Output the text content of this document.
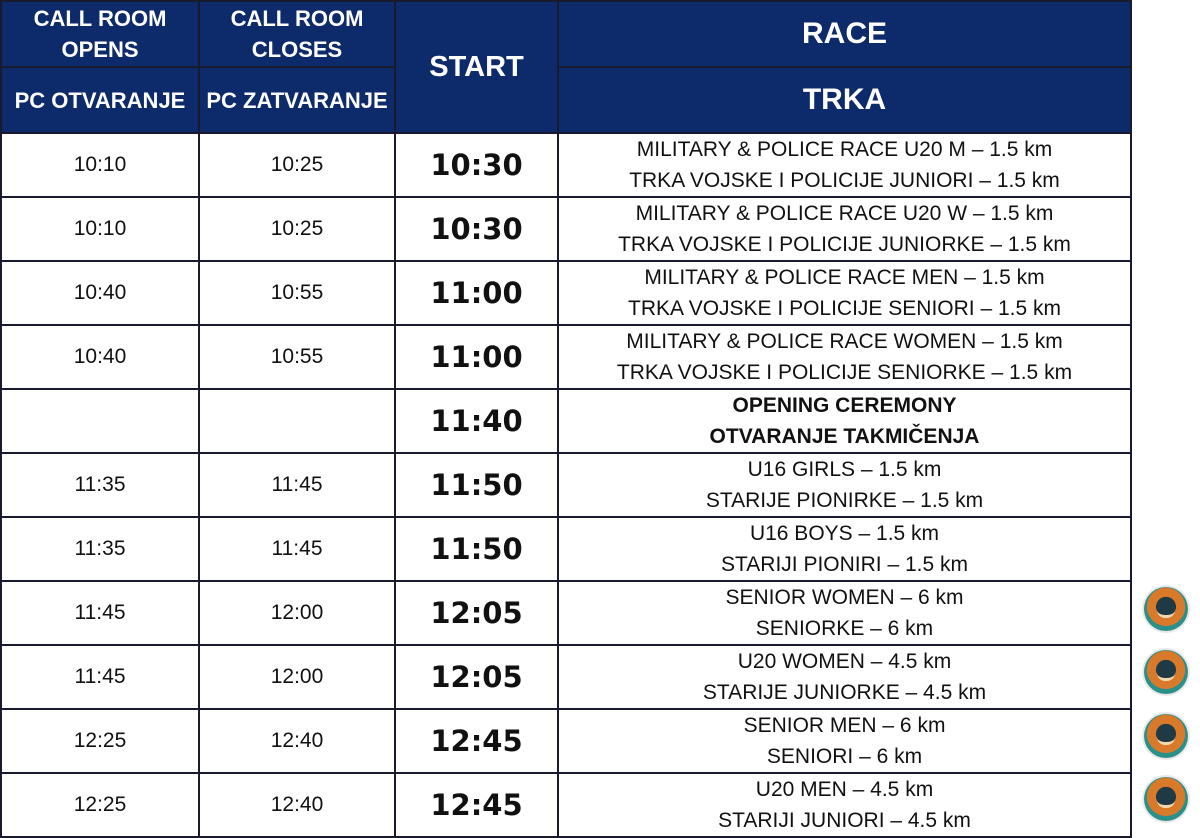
CALL ROOM OPENS	CALL ROOM CLOSES	START	RACE
PC OTVARANJE	PC ZATVARANJE		TRKA
10:10	10:25	10:30	MILITARY & POLICE RACE U20 M – 1.5 km
TRKA VOJSKE I POLICIJE JUNIORI – 1.5 km

10:10	10:25	10:30	MILITARY & POLICE RACE U20 W – 1.5 km
TRKA VOJSKE I POLICIJE JUNIORKE – 1.5 km

10:40	10:55	11:00	MILITARY & POLICE RACE MEN – 1.5 km
TRKA VOJSKE I POLICIJE SENIORI – 1.5 km

10:40	10:55	11:00	MILITARY & POLICE RACE WOMEN – 1.5 km
TRKA VOJSKE I POLICIJE SENIORKE – 1.5 km

		11:40	OPENING CEREMONY
OTVARANJE TAKMIČENJA

11:35	11:45	11:50	U16 GIRLS – 1.5 km
STARIJE PIONIRKE – 1.5 km

11:35	11:45	11:50	U16 BOYS – 1.5 km
STARIJI PIONIRI – 1.5 km

11:45	12:00	12:05	SENIOR WOMEN – 6 km
SENIORKE – 6 km

11:45	12:00	12:05	U20 WOMEN – 4.5 km
STARIJE JUNIORKE – 4.5 km

12:25	12:40	12:45	SENIOR MEN – 6 km
SENIORI – 6 km

12:25	12:40	12:45	U20 MEN – 4.5 km
STARIJI JUNIORI – 4.5 km
